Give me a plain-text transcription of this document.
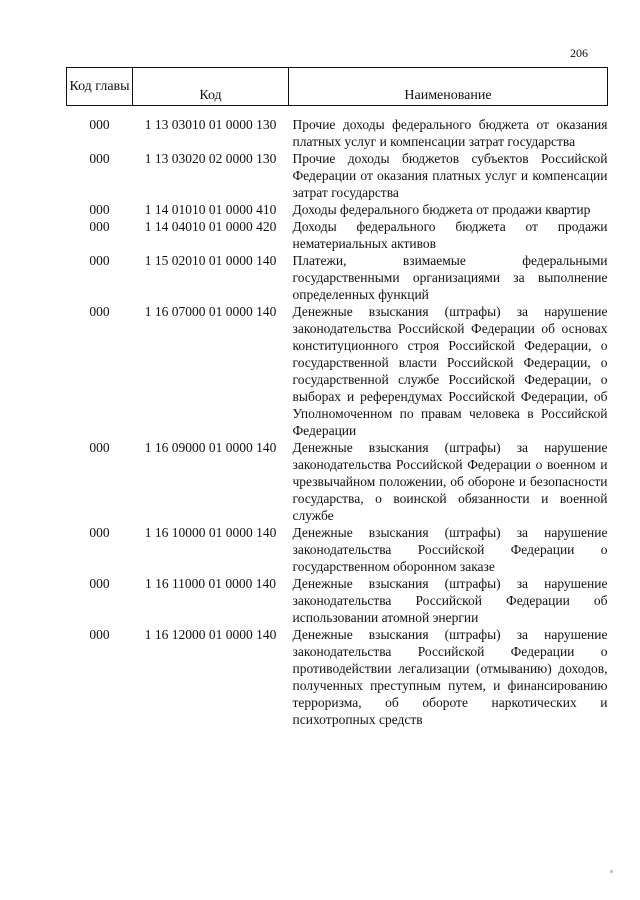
206
Код главы	Код	Наименование
000	1 13 03010 01 0000 130	Прочие доходы федерального бюджета от оказания платных услуг и компенсации затрат государства
000	1 13 03020 02 0000 130	Прочие доходы бюджетов субъектов Российской Федерации от оказания платных услуг и компенсации затрат государства
000	1 14 01010 01 0000 410	Доходы федерального бюджета от продажи квартир
000	1 14 04010 01 0000 420	Доходы федерального бюджета от продажи нематериальных активов
000	1 15 02010 01 0000 140	Платежи, взимаемые федеральными государственными организациями за выполнение определенных функций
000	1 16 07000 01 0000 140	Денежные взыскания (штрафы) за нарушение законодательства Российской Федерации об основах конституционного строя Российской Федерации, о государственной власти Российской Федерации, о государственной службе Российской Федерации, о выборах и референдумах Российской Федерации, об Уполномоченном по правам человека в Российской Федерации
000	1 16 09000 01 0000 140	Денежные взыскания (штрафы) за нарушение законодательства Российской Федерации о военном и чрезвычайном положении, об обороне и безопасности государства, о воинской обязанности и военной службе
000	1 16 10000 01 0000 140	Денежные взыскания (штрафы) за нарушение законодательства Российской Федерации о государственном оборонном заказе
000	1 16 11000 01 0000 140	Денежные взыскания (штрафы) за нарушение законодательства Российской Федерации об использовании атомной энергии
000	1 16 12000 01 0000 140	Денежные взыскания (штрафы) за нарушение законодательства Российской Федерации о противодействии легализации (отмыванию) доходов, полученных преступным путем, и финансированию терроризма, об обороте наркотических и психотропных средств
